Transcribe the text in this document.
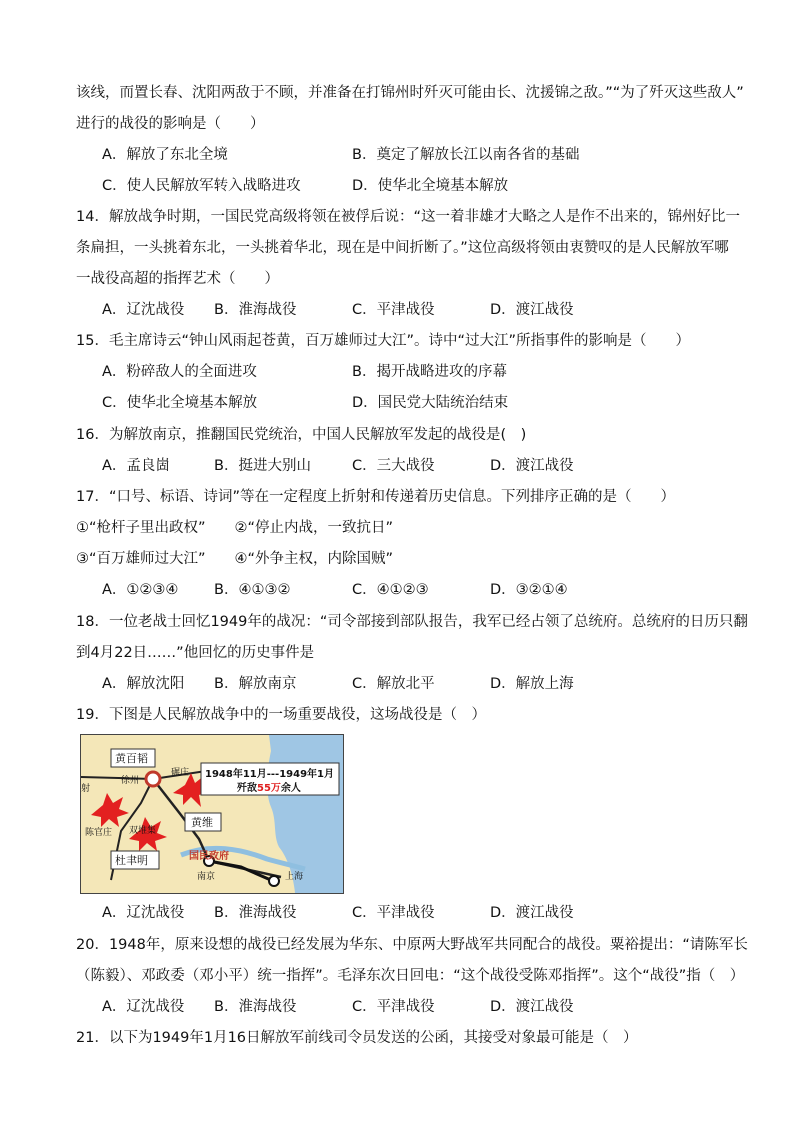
该线，而置长春、沈阳两敌于不顾，并准备在打锦州时歼灭可能由长、沈援锦之敌。”“为了歼灭这些敌人”
进行的战役的影响是（　　）
A．解放了东北全境	B．奠定了解放长江以南各省的基础
C．使人民解放军转入战略进攻	D．使华北全境基本解放
14．解放战争时期，一国民党高级将领在被俘后说：“这一着非雄才大略之人是作不出来的，锦州好比一
条扁担，一头挑着东北，一头挑着华北，现在是中间折断了。”这位高级将领由衷赞叹的是人民解放军哪
一战役高超的指挥艺术（　　）
A．辽沈战役 B．淮海战役	C．平津战役	D．渡江战役
15．毛主席诗云“钟山风雨起苍黄，百万雄师过大江”。诗中“过大江”所指事件的影响是（　　）
A．粉碎敌人的全面进攻	B．揭开战略进攻的序幕
C．使华北全境基本解放	D．国民党大陆统治结束
16．为解放南京，推翻国民党统治，中国人民解放军发起的战役是(　)
A．孟良崮	B．挺进大别山	C．三大战役	D．渡江战役
17．“口号、标语、诗词”等在一定程度上折射和传递着历史信息。下列排序正确的是（　　）
①“枪杆子里出政权”　　②“停止内战，一致抗日”
③“百万雄师过大江”　　④“外争主权，内除国贼”
A．①②③④ B．④①③②	C．④①②③	D．③②①④
18．一位老战士回忆1949年的战况：“司令部接到部队报告，我军已经占领了总统府。总统府的日历只翻
到4月22日……”他回忆的历史事件是
A．解放沈阳 B．解放南京	C．解放北平	D．解放上海
19．下图是人民解放战争中的一场重要战役，这场战役是（　）
黄百韬
徐州
碾庄
射
1948年11月---1949年1月
歼敌55万余人
陈官庄 双堆集
黄维
杜聿明	国民政府
南京	上海
A．辽沈战役 B．淮海战役	C．平津战役	D．渡江战役
20．1948年，原来设想的战役已经发展为华东、中原两大野战军共同配合的战役。粟裕提出：“请陈军长
（陈毅）、邓政委（邓小平）统一指挥”。毛泽东次日回电：“这个战役受陈邓指挥”。这个“战役”指（　）
A．辽沈战役 B．淮海战役	C．平津战役	D．渡江战役
21．以下为1949年1月16日解放军前线司令员发送的公函，其接受对象最可能是（　）
